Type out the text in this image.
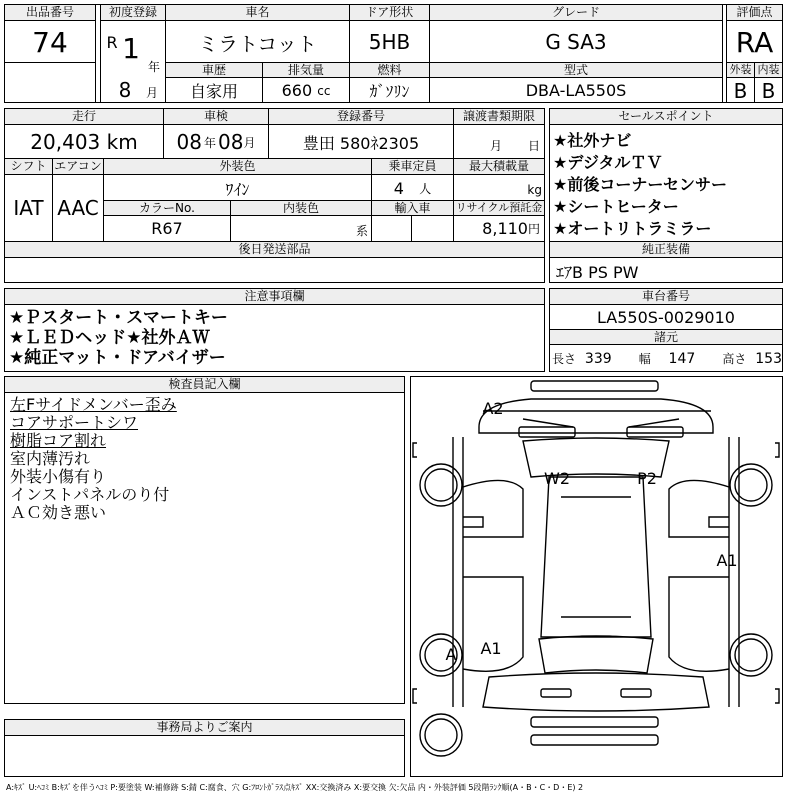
出品番号
74
初度登録
R 1
年
8	月
車名
ミラトコット
ドア形状
5HB
グレード
G SA3
評価点
RA
車歴
自家用
排気量
660
cc
燃料
ｶﾞｿﾘﾝ
型式
DBA-LA550S
外装 内装
B B
走行
20,403
km
車検
08 年 08 月
登録番号
豊田 580ﾈ2305
譲渡書類期限
月	日
シフト
IAT
エアコン
AAC
外装色
ﾜｲﾝ
乗車定員
4
人
最大積載量
kg
カラーNo.
R67
内装色
系
輸入車	リサイクル預託金
8,110 円
後日発送部品
セールスポイント
★社外ナビ
★デジタルＴＶ
★前後コーナーセンサー
★シートヒーター
★オートリトラミラー
純正装備
ｴｱB PS PW
注意事項欄
★Ｐスタート・スマートキー
★ＬＥＤヘッド★社外ＡＷ
★純正マット・ドアバイザー
車台番号
LA550S-0029010
諸元
長さ 339 幅 147 高さ 153
検査員記入欄
左Fサイドメンバー歪み
コアサポートシワ
樹脂コア割れ
室内薄汚れ
外装小傷有り
インストパネルのり付
ＡＣ効き悪い
事務局よりご案内
A2
W2	P2
A1
A A1
A:ｷｽﾞ U:ﾍｺﾐ B:ｷｽﾞを伴うﾍｺﾐ P:要塗装 W:補修跡 S:錆 C:腐食、穴 G:ﾌﾛﾝﾄｶﾞﾗｽ点ｷｽﾞ XX:交換済み X:要交換 欠:欠品 内・外装評価 5段階ﾗﾝｸ順(A・B・C・D・E) 2
